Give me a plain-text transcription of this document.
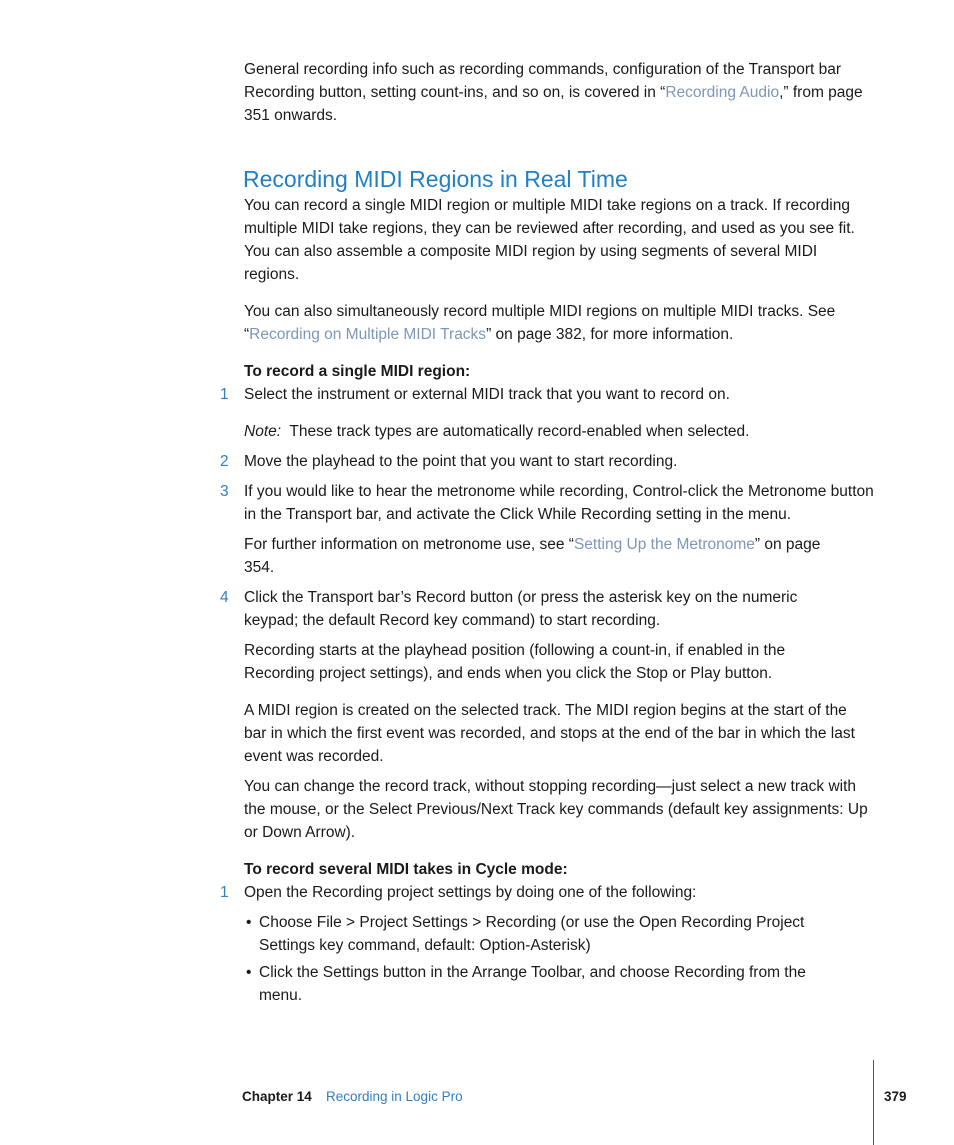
General recording info such as recording commands, configuration of the Transport bar Recording button, setting count-ins, and so on, is covered in “Recording Audio,” from page 351 onwards.

Recording MIDI Regions in Real Time

You can record a single MIDI region or multiple MIDI take regions on a track. If recording multiple MIDI take regions, they can be reviewed after recording, and used as you see fit. You can also assemble a composite MIDI region by using segments of several MIDI regions.

You can also simultaneously record multiple MIDI regions on multiple MIDI tracks. See “Recording on Multiple MIDI Tracks” on page 382, for more information.

To record a single MIDI region:

1 Select the instrument or external MIDI track that you want to record on.

Note: These track types are automatically record-enabled when selected.

2 Move the playhead to the point that you want to start recording.

3 If you would like to hear the metronome while recording, Control-click the Metronome button in the Transport bar, and activate the Click While Recording setting in the menu.

For further information on metronome use, see “Setting Up the Metronome” on page 354.

4 Click the Transport bar’s Record button (or press the asterisk key on the numeric keypad; the default Record key command) to start recording.

Recording starts at the playhead position (following a count-in, if enabled in the Recording project settings), and ends when you click the Stop or Play button.

A MIDI region is created on the selected track. The MIDI region begins at the start of the bar in which the first event was recorded, and stops at the end of the bar in which the last event was recorded.

You can change the record track, without stopping recording—just select a new track with the mouse, or the Select Previous/Next Track key commands (default key assignments: Up or Down Arrow).

To record several MIDI takes in Cycle mode:

1 Open the Recording project settings by doing one of the following:

• Choose File > Project Settings > Recording (or use the Open Recording Project Settings key command, default: Option-Asterisk)

• Click the Settings button in the Arrange Toolbar, and choose Recording from the menu.

Chapter 14 Recording in Logic Pro	379
